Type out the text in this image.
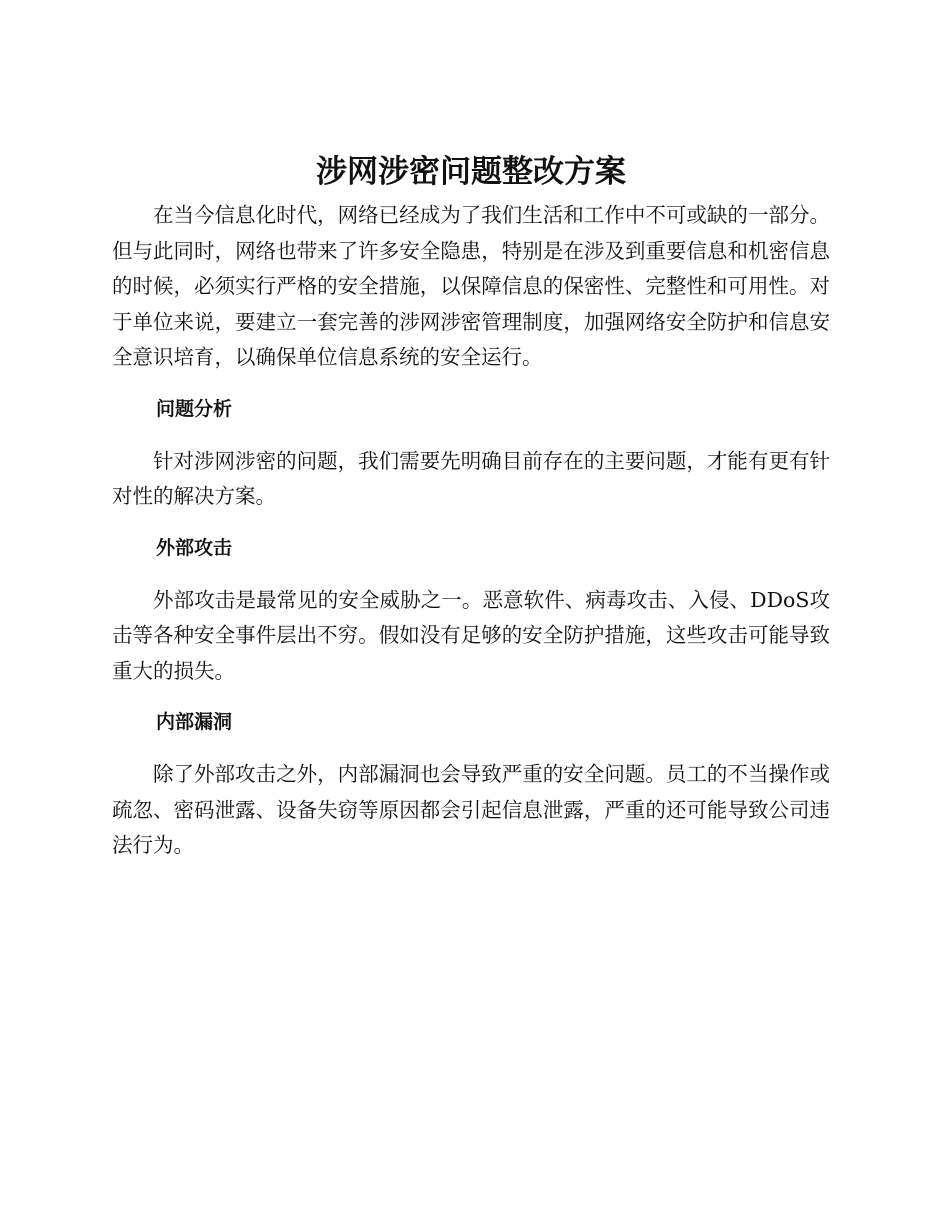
涉网涉密问题整改方案

在当今信息化时代，网络已经成为了我们生活和工作中不可或缺的一部分。但与此同时，网络也带来了许多安全隐患，特别是在涉及到重要信息和机密信息的时候，必须实行严格的安全措施，以保障信息的保密性、完整性和可用性。对于单位来说，要建立一套完善的涉网涉密管理制度，加强网络安全防护和信息安全意识培育，以确保单位信息系统的安全运行。

问题分析

针对涉网涉密的问题，我们需要先明确目前存在的主要问题，才能有更有针对性的解决方案。

外部攻击

外部攻击是最常见的安全威胁之一。恶意软件、病毒攻击、入侵、DDoS攻击等各种安全事件层出不穷。假如没有足够的安全防护措施，这些攻击可能导致重大的损失。

内部漏洞

除了外部攻击之外，内部漏洞也会导致严重的安全问题。员工的不当操作或疏忽、密码泄露、设备失窃等原因都会引起信息泄露，严重的还可能导致公司违法行为。
